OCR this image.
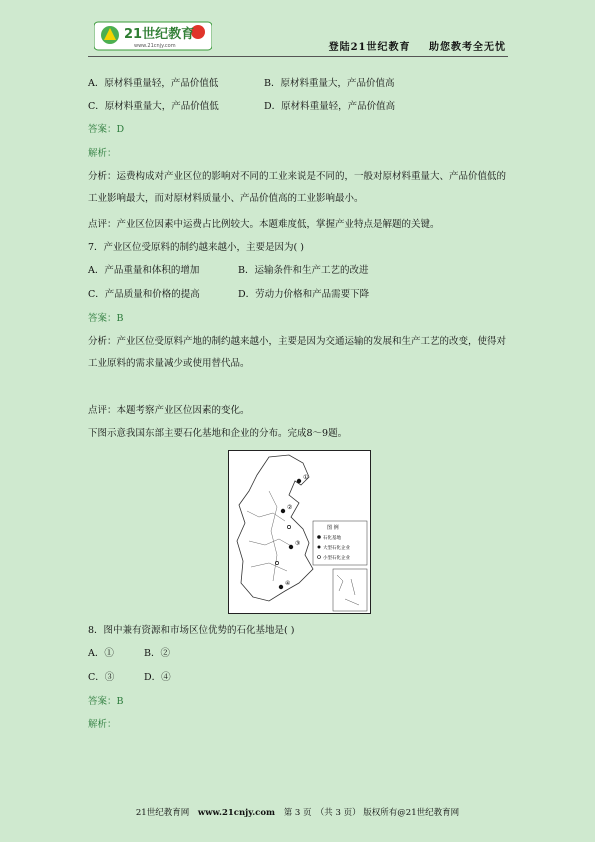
21世纪教育
www.21cnjy.com	登陆21世纪教育 助您教考全无忧
A．原材料重量轻，产品价值低	B．原材料重量大，产品价值高
C．原材料重量大，产品价值低	D．原材料重量轻，产品价值高
答案：D
解析：
分析：运费构成对产业区位的影响对不同的工业来说是不同的，一般对原材料重量大、产品价值低的工业影响最大，而对原材料质量小、产品价值高的工业影响最小。
点评：产业区位因素中运费占比例较大。本题难度低，掌握产业特点是解题的关键。
7．产业区位受原料的制约越来越小，主要是因为( )
A．产品重量和体积的增加	B．运输条件和生产工艺的改进
C．产品质量和价格的提高	D．劳动力价格和产品需要下降
答案：B
分析：产业区位受原料产地的制约越来越小，主要是因为交通运输的发展和生产工艺的改变，使得对工业原料的需求量减少或使用替代品。
点评：本题考察产业区位因素的变化。
下图示意我国东部主要石化基地和企业的分布。完成8～9题。
①
②
③
④
图 例
石化基地
大型石化企业
小型石化企业
8．图中兼有资源和市场区位优势的石化基地是( )
A．①	B．②
C．③	D．④
答案：B
解析：
21世纪教育网 www.21cnjy.com 第 3 页　（共 3 页） 版权所有@21世纪教育网
